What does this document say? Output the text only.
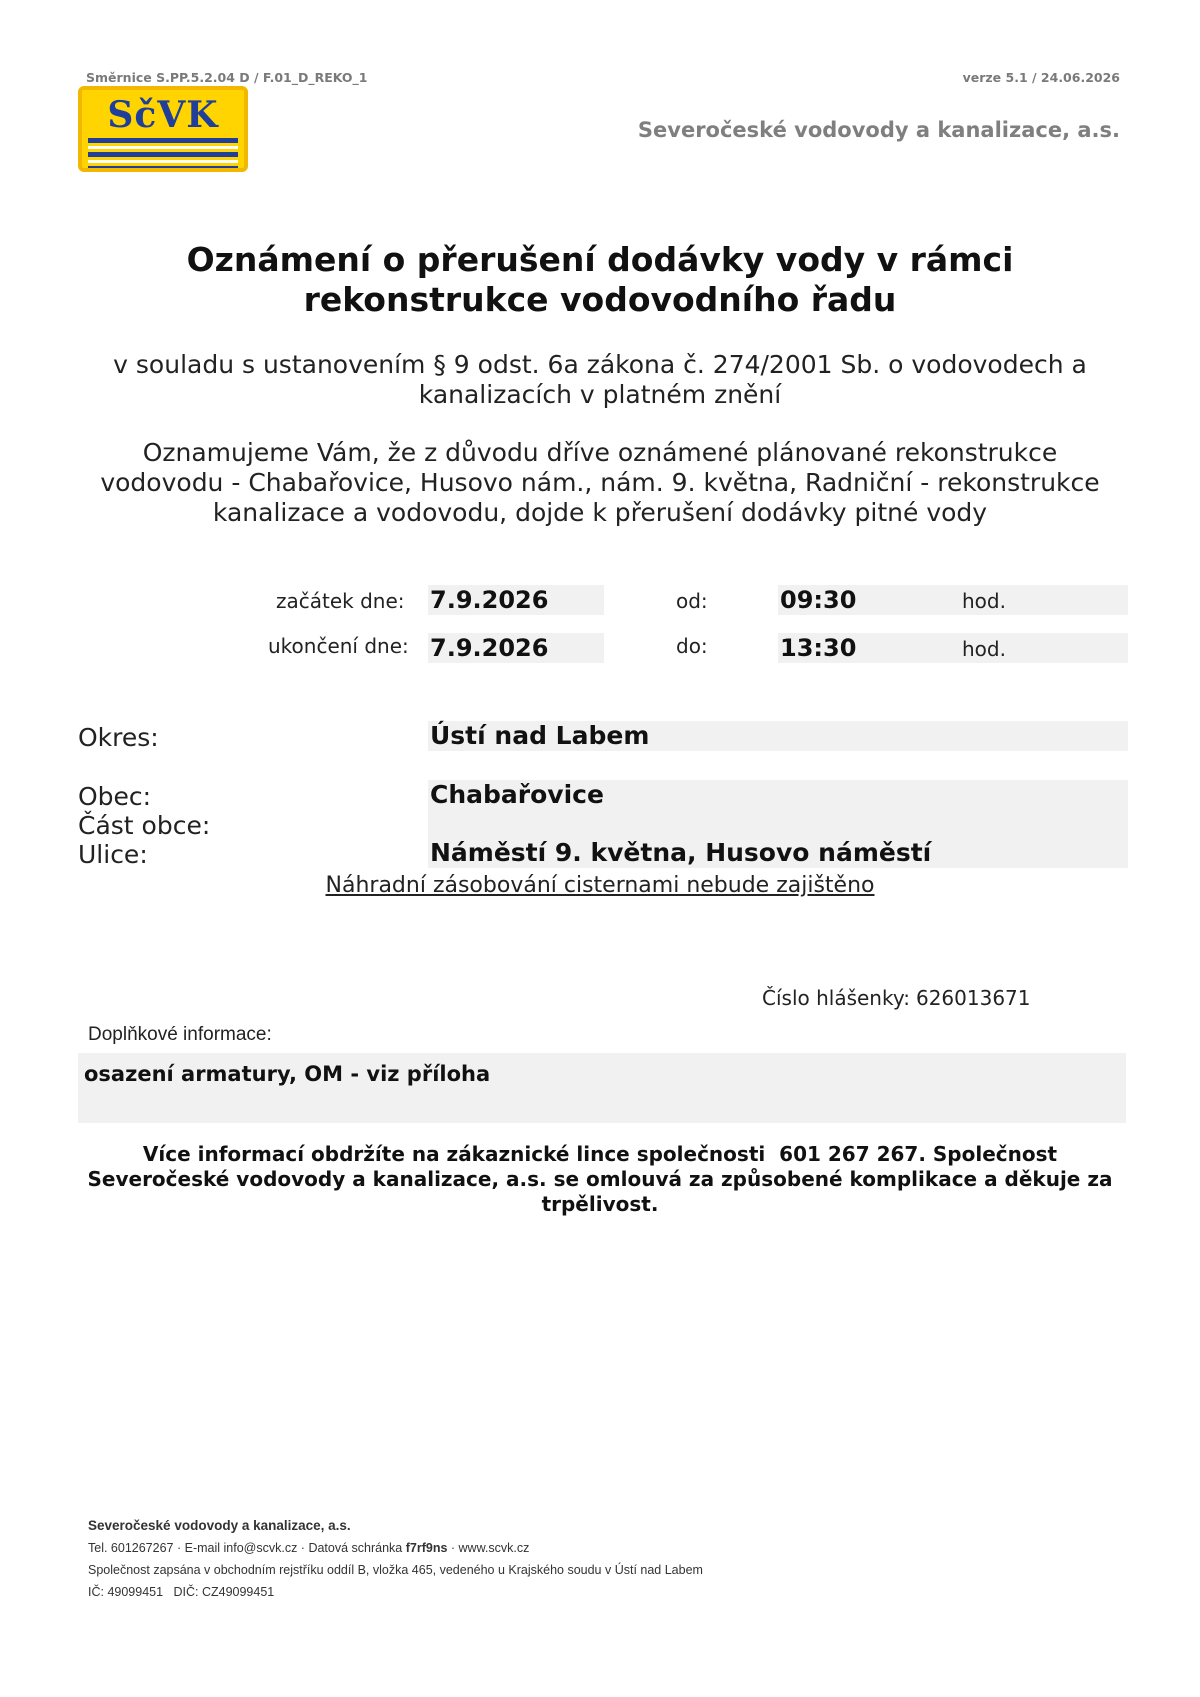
Směrnice S.PP.5.2.04 D / F.01_D_REKO_1	verze 5.1 / 24.06.2026
SčVK	Severočeské vodovody a kanalizace, a.s.
Oznámení o přerušení dodávky vody v rámci
rekonstrukce vodovodního řadu
v souladu s ustanovením § 9 odst. 6a zákona č. 274/2001 Sb. o vodovodech a
kanalizacích v platném znění
Oznamujeme Vám, že z důvodu dříve oznámené plánované rekonstrukce
vodovodu - Chabařovice, Husovo nám., nám. 9. května, Radniční - rekonstrukce
kanalizace a vodovodu, dojde k přerušení dodávky pitné vody
začátek dne: 7.9.2026	od:	09:30	hod.
ukončení dne: 7.9.2026	do:	13:30	hod.
Okres:	Ústí nad Labem
Obec:	Chabařovice
Část obce:
Ulice:	Náměstí 9. května, Husovo náměstí
Náhradní zásobování cisternami nebude zajištěno
Číslo hlášenky: 626013671
Doplňkové informace:
osazení armatury, OM - viz příloha
Více informací obdržíte na zákaznické lince společnosti  601 267 267. Společnost
Severočeské vodovody a kanalizace, a.s. se omlouvá za způsobené komplikace a děkuje za
trpělivost.
Severočeské vodovody a kanalizace, a.s.
Tel. 601267267 · E-mail info@scvk.cz · Datová schránka f7rf9ns · www.scvk.cz
Společnost zapsána v obchodním rejstříku oddíl B, vložka 465, vedeného u Krajského soudu v Ústí nad Labem
IČ: 49099451 DIČ: CZ49099451
